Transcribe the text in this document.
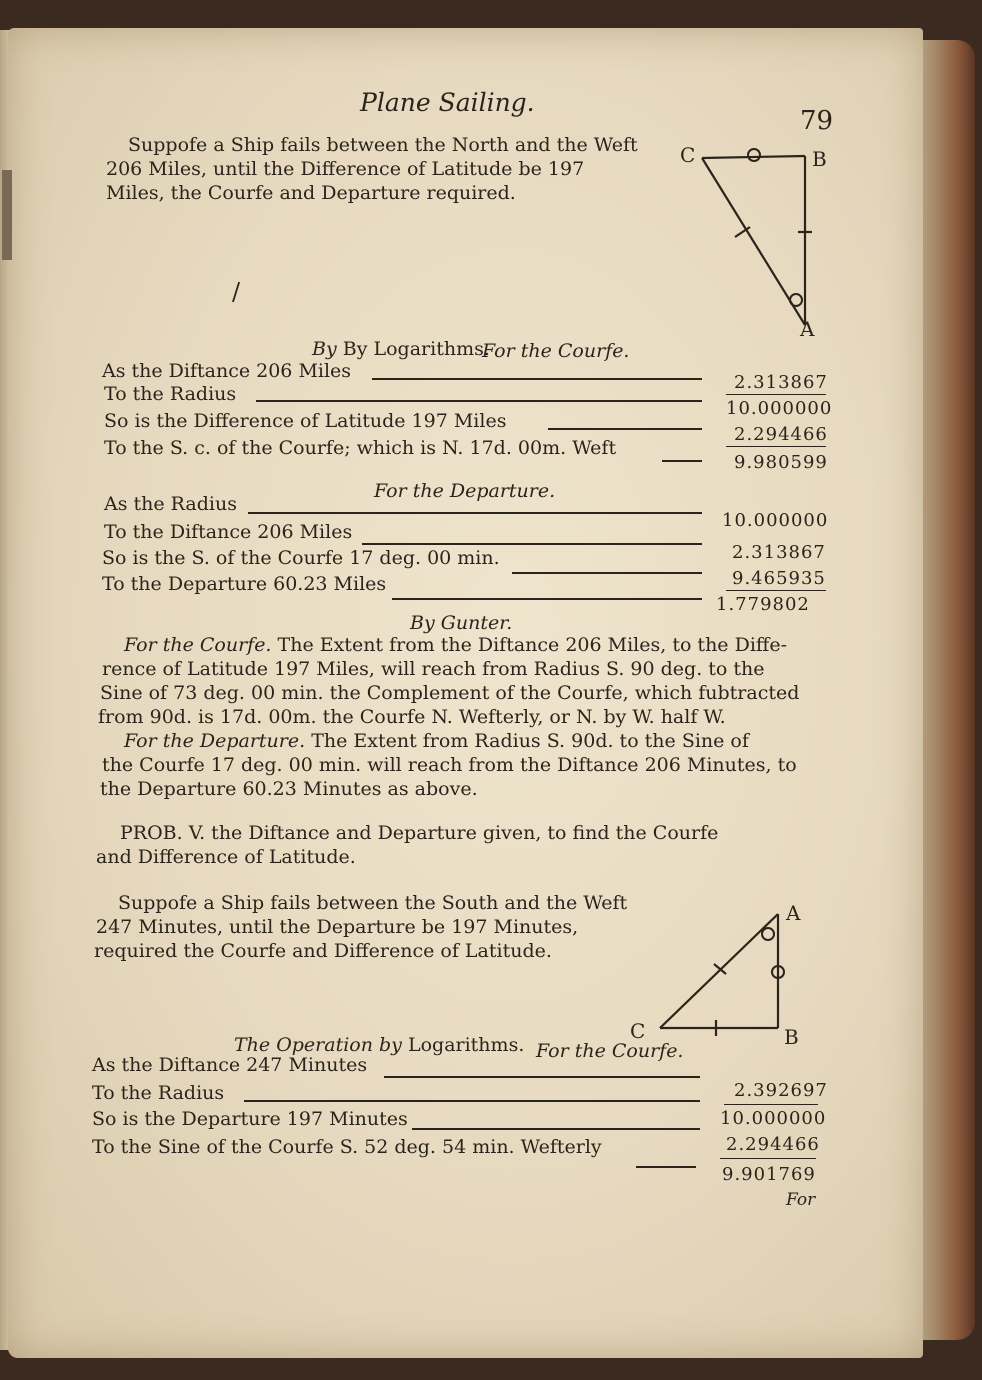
Plane Sailing.
79
Suppofe a Ship fails between the North and the Weft
206 Miles, until the Difference of Latitude be 197
Miles, the Courfe and Departure required.
C	B
A
/
By By Logarithms.
For the Courfe.
As the Diftance 206 Miles
2.313867
To the Radius
10.000000
So is the Difference of Latitude 197 Miles
2.294466
To the S. c. of the Courfe; which is N. 17d. 00m. Weft
9.980599
For the Departure.
As the Radius
10.000000
To the Diftance 206 Miles
2.313867
So is the S. of the Courfe 17 deg. 00 min.
9.465935
To the Departure 60.23 Miles
1.779802
By Gunter.
For the Courfe. The Extent from the Diftance 206 Miles, to the Diffe-
rence of Latitude 197 Miles, will reach from Radius S. 90 deg. to the
Sine of 73 deg. 00 min. the Complement of the Courfe, which fubtracted
from 90d. is 17d. 00m. the Courfe N. Wefterly, or N. by W. half W.
For the Departure. The Extent from Radius S. 90d. to the Sine of
the Courfe 17 deg. 00 min. will reach from the Diftance 206 Minutes, to
the Departure 60.23 Minutes as above.
PROB. V. the Diftance and Departure given, to find the Courfe
and Difference of Latitude.
Suppofe a Ship fails between the South and the Weft
247 Minutes, until the Departure be 197 Minutes,
required the Courfe and Difference of Latitude.
A
C	B
The Operation by Logarithms. For the Courfe.
As the Diftance 247 Minutes
2.392697
To the Radius
10.000000
So is the Departure 197 Minutes
2.294466
To the Sine of the Courfe S. 52 deg. 54 min. Wefterly
9.901769
For
